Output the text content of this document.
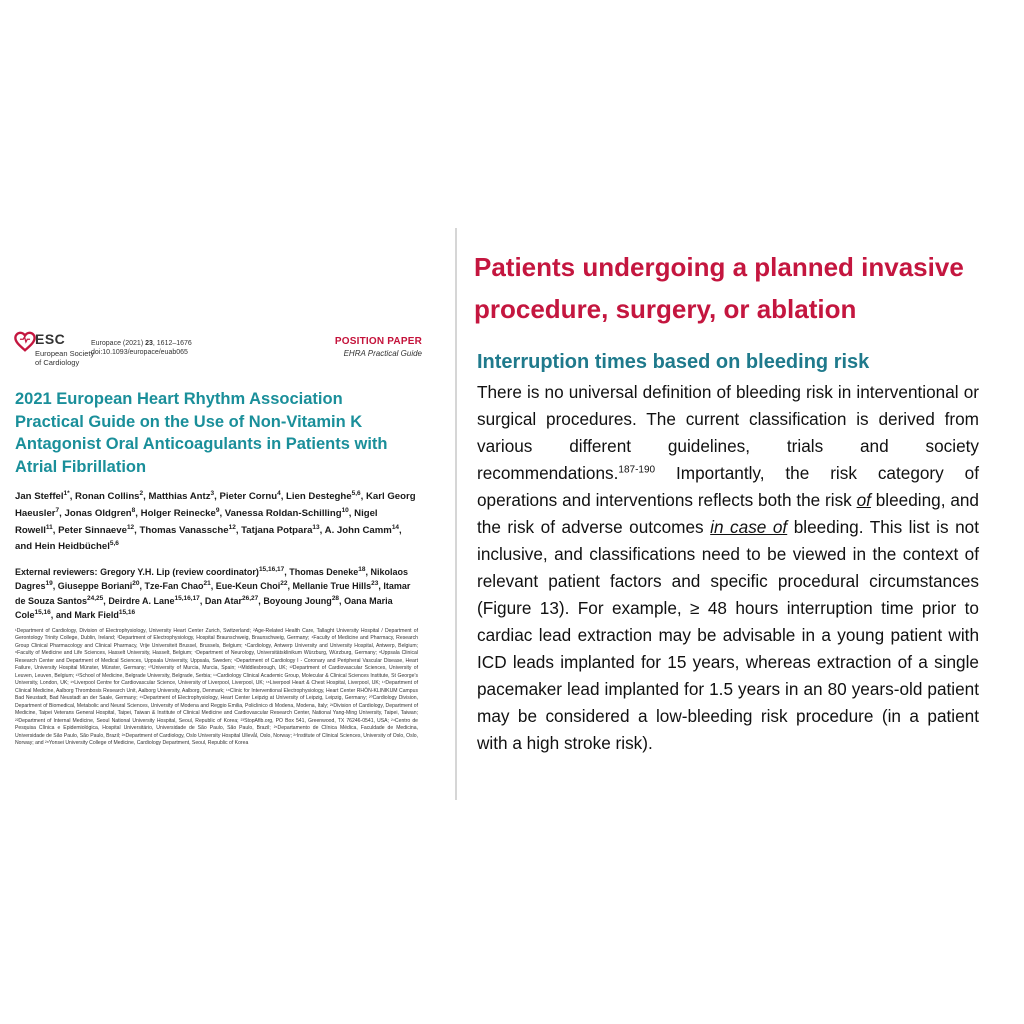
ESC
European Society
of Cardiology
Europace (2021) 23, 1612–1676
doi:10.1093/europace/euab065
POSITION PAPER
EHRA Practical Guide
2021 European Heart Rhythm Association
Practical Guide on the Use of Non-Vitamin K
Antagonist Oral Anticoagulants in Patients with
Atrial Fibrillation
Jan Steffel$^{1*}$, Ronan Collins$^2$, Matthias Antz$^3$, Pieter Cornu$^4$, Lien Desteghe$^{5,6}$, Karl Georg Haeusler$^7$, Jonas Oldgren$^8$, Holger Reinecke$^9$, Vanessa Roldan-Schilling$^{10}$, Nigel Rowell$^{11}$, Peter Sinnaeve$^{12}$, Thomas Vanassche$^{12}$, Tatjana Potpara$^{13}$, A. John Camm$^{14}$, and Hein Heidbüchel$^{5,6}$
External reviewers: Gregory Y.H. Lip (review coordinator)$^{15,16,17}$, Thomas Deneke$^{18}$, Nikolaos Dagres$^{19}$, Giuseppe Boriani$^{20}$, Tze-Fan Chao$^{21}$, Eue-Keun Choi$^{22}$, Mellanie True Hills$^{23}$, Itamar de Souza Santos$^{24,25}$, Deirdre A. Lane$^{15,16,17}$, Dan Atar$^{26,27}$, Boyoung Joung$^{28}$, Oana Maria Cole$^{15,16}$, and Mark Field$^{15,16}$
¹Department of Cardiology, Division of Electrophysiology, University Heart Center Zurich, Switzerland; ²Age-Related Health Care, Tallaght University Hospital / Department of Gerontology Trinity College, Dublin, Ireland; ³Department of Electrophysiology, Hospital Braunschweig, Braunschweig, Germany; ⁴Faculty of Medicine and Pharmacy, Research Group Clinical Pharmacology and Clinical Pharmacy, Vrije Universiteit Brussel, Brussels, Belgium; ⁵Cardiology, Antwerp University and University Hospital, Antwerp, Belgium; ⁶Faculty of Medicine and Life Sciences, Hasselt University, Hasselt, Belgium; ⁷Department of Neurology, Universitätsklinikum Würzburg, Würzburg, Germany; ⁸Uppsala Clinical Research Center and Department of Medical Sciences, Uppsala University, Uppsala, Sweden; ⁹Department of Cardiology I - Coronary and Peripheral Vascular Disease, Heart Failure, University Hospital Münster, Münster, Germany; ¹⁰University of Murcia, Murcia, Spain; ¹¹Middlesbrough, UK; ¹²Department of Cardiovascular Sciences, University of Leuven, Leuven, Belgium; ¹³School of Medicine, Belgrade University, Belgrade, Serbia; ¹⁴Cardiology Clinical Academic Group, Molecular & Clinical Sciences Institute, St George's University, London, UK; ¹⁵Liverpool Centre for Cardiovascular Science, University of Liverpool, Liverpool, UK; ¹⁶Liverpool Heart & Chest Hospital, Liverpool, UK; ¹⁷Department of Clinical Medicine, Aalborg Thrombosis Research Unit, Aalborg University, Aalborg, Denmark; ¹⁸Clinic for Interventional Electrophysiology, Heart Center RHÖN-KLINIKUM Campus Bad Neustadt, Bad Neustadt an der Saale, Germany; ¹⁹Department of Electrophysiology, Heart Center Leipzig at University of Leipzig, Leipzig, Germany; ²⁰Cardiology Division, Department of Biomedical, Metabolic and Neural Sciences, University of Modena and Reggio Emilia, Policlinico di Modena, Modena, Italy; ²¹Division of Cardiology, Department of Medicine, Taipei Veterans General Hospital, Taipei, Taiwan & Institute of Clinical Medicine and Cardiovascular Research Center, National Yang-Ming University, Taipei, Taiwan; ²²Department of Internal Medicine, Seoul National University Hospital, Seoul, Republic of Korea; ²³StopAfib.org, PO Box 541, Greenwood, TX 76246-0541, USA; ²⁴Centro de Pesquisa Clínica e Epidemiológica, Hospital Universitário, Universidade de São Paulo, São Paulo, Brazil; ²⁵Departamento de Clínica Médica, Faculdade de Medicina, Universidade de São Paulo, São Paulo, Brazil; ²⁶Department of Cardiology, Oslo University Hospital Ullevål, Oslo, Norway; ²⁷Institute of Clinical Sciences, University of Oslo, Oslo, Norway; and ²⁸Yonsei University College of Medicine, Cardiology Department, Seoul, Republic of Korea
Patients undergoing a planned invasive
procedure, surgery, or ablation
Interruption times based on bleeding risk
There is no universal definition of bleeding risk in interventional or surgical procedures. The current classification is derived from various different guidelines, trials and society recommendations.$^{187-190}$ Importantly, the risk category of operations and interventions reflects both the risk of bleeding, and the risk of adverse outcomes in case of bleeding. This list is not inclusive, and classifications need to be viewed in the context of relevant patient factors and specific procedural circumstances (Figure 13). For example, ≥ 48 hours interruption time prior to cardiac lead extraction may be advisable in a young patient with ICD leads implanted for 15 years, whereas extraction of a single pacemaker lead implanted for 1.5 years in an 80 years-old patient may be considered a low-bleeding risk procedure (in a patient with a high stroke risk).
